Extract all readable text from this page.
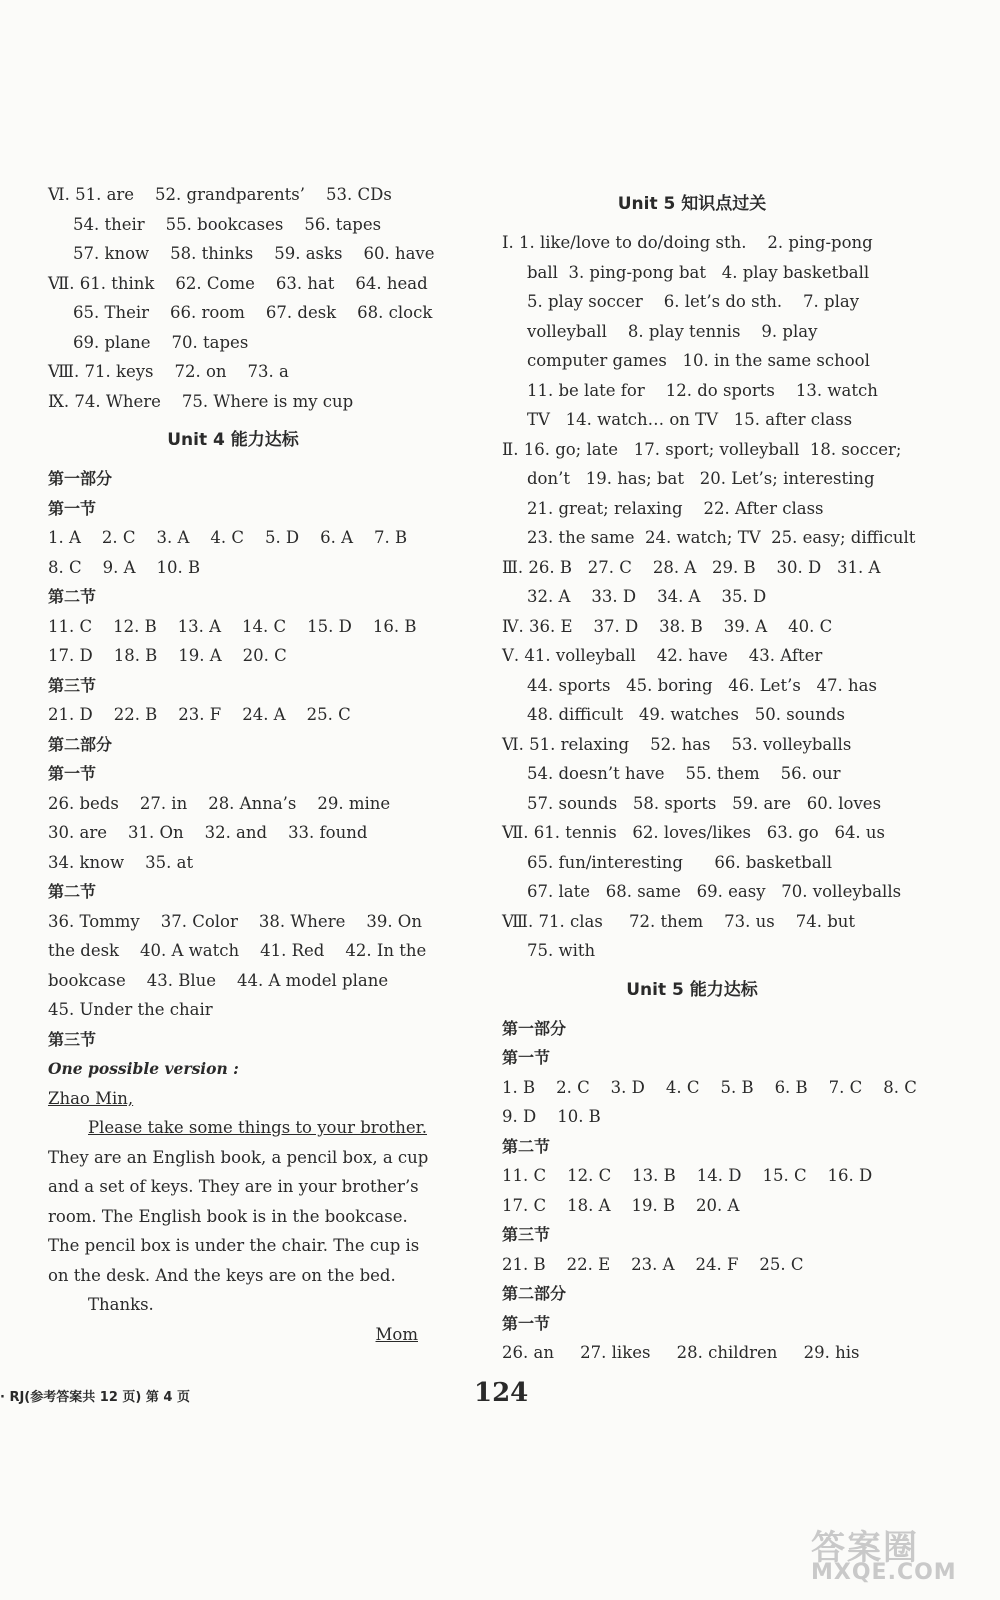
Ⅵ. 51. are    52. grandparents’    53. CDs
54. their    55. bookcases    56. tapes
57. know    58. thinks    59. asks    60. have
Ⅶ. 61. think    62. Come    63. hat    64. head
65. Their    66. room    67. desk    68. clock
69. plane    70. tapes
Ⅷ. 71. keys    72. on    73. a
Ⅸ. 74. Where    75. Where is my cup
Unit 4 能力达标
第一部分
第一节
1. A    2. C    3. A    4. C    5. D    6. A    7. B
8. C    9. A    10. B
第二节
11. C    12. B    13. A    14. C    15. D    16. B
17. D    18. B    19. A    20. C
第三节
21. D    22. B    23. F    24. A    25. C
第二部分
第一节
26. beds    27. in    28. Anna’s    29. mine
30. are    31. On    32. and    33. found
34. know    35. at
第二节
36. Tommy    37. Color    38. Where    39. On
the desk    40. A watch    41. Red    42. In the
bookcase    43. Blue    44. A model plane
45. Under the chair
第三节
One possible version :
Zhao Min,
Please take some things to your brother.
They are an English book, a pencil box, a cup
and a set of keys. They are in your brother’s
room. The English book is in the bookcase.
The pencil box is under the chair. The cup is
on the desk. And the keys are on the bed.
Thanks.
Mom
Unit 5 知识点过关
Ⅰ. 1. like/love to do/doing sth.    2. ping-pong
ball  3. ping-pong bat   4. play basketball
5. play soccer    6. let’s do sth.    7. play
volleyball    8. play tennis    9. play
computer games   10. in the same school
11. be late for    12. do sports    13. watch
TV   14. watch… on TV   15. after class
Ⅱ. 16. go; late   17. sport; volleyball  18. soccer;
don’t   19. has; bat   20. Let’s; interesting
21. great; relaxing    22. After class
23. the same  24. watch; TV  25. easy; difficult
Ⅲ. 26. B   27. C    28. A   29. B    30. D   31. A
32. A    33. D    34. A    35. D
Ⅳ. 36. E    37. D    38. B    39. A    40. C
Ⅴ. 41. volleyball    42. have    43. After
44. sports   45. boring   46. Let’s   47. has
48. difficult   49. watches   50. sounds
Ⅵ. 51. relaxing    52. has    53. volleyballs
54. doesn’t have    55. them    56. our
57. sounds   58. sports   59. are   60. loves
Ⅶ. 61. tennis   62. loves/likes   63. go   64. us
65. fun/interesting      66. basketball
67. late   68. same   69. easy   70. volleyballs
Ⅷ. 71. clas     72. them    73. us    74. but
75. with
Unit 5 能力达标
第一部分
第一节
1. B    2. C    3. D    4. C    5. B    6. B    7. C    8. C
9. D    10. B
第二节
11. C    12. C    13. B    14. D    15. C    16. D
17. C    18. A    19. B    20. A
第三节
21. B    22. E    23. A    24. F    25. C
第二部分
第一节
26. an     27. likes     28. children     29. his
· RJ(参考答案共 12 页) 第 4 页	124
答案圈
MXQE.COM
